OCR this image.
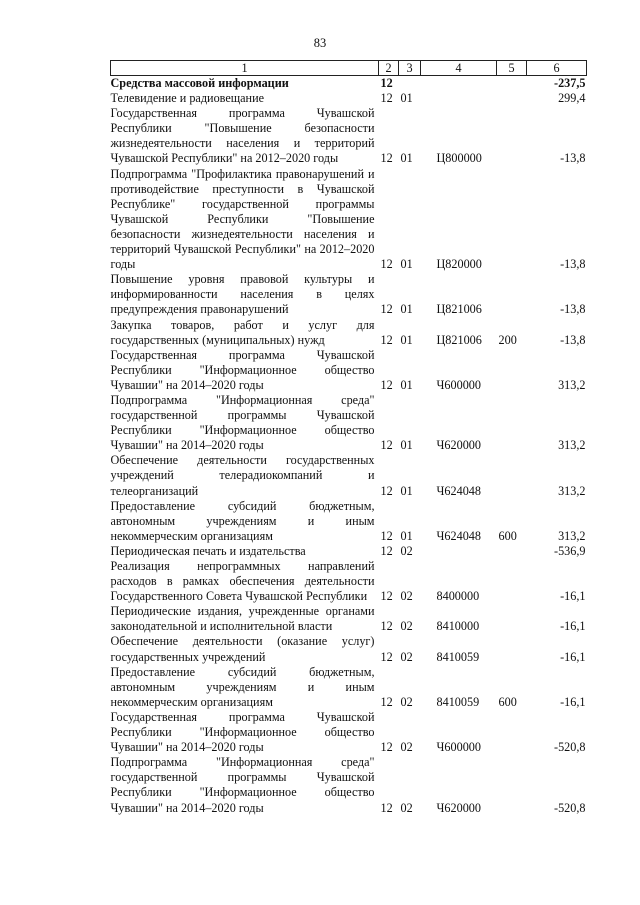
83
1	2	3	4	5	6
Средства массовой информации	12				-237,5
Телевидение и радиовещание	12	01			299,4
Государственная программа Чувашской Республики "Повышение безопасности жизнедеятельности населения и территорий Чувашской Республики" на 2012–2020 годы	12	01	Ц800000		-13,8
Подпрограмма "Профилактика правонарушений и противодействие преступности в Чувашской Республике" государственной программы Чувашской Республики "Повышение безопасности жизнедеятельности населения и территорий Чувашской Республики" на 2012–2020 годы	12	01	Ц820000		-13,8
Повышение уровня правовой культуры и информированности населения в целях предупреждения правонарушений	12	01	Ц821006		-13,8
Закупка товаров, работ и услуг для государственных (муниципальных) нужд	12	01	Ц821006	200	-13,8
Государственная программа Чувашской Республики "Информационное общество Чувашии" на 2014–2020 годы	12	01	Ч600000		313,2
Подпрограмма "Информационная среда" государственной программы Чувашской Республики "Информационное общество Чувашии" на 2014–2020 годы	12	01	Ч620000		313,2
Обеспечение деятельности государственных учреждений телерадиокомпаний и телеорганизаций	12	01	Ч624048		313,2
Предоставление субсидий бюджетным, автономным учреждениям и иным некоммерческим организациям	12	01	Ч624048	600	313,2
Периодическая печать и издательства	12	02			-536,9
Реализация непрограммных направлений расходов в рамках обеспечения деятельности Государственного Совета Чувашской Республики	12	02	8400000		-16,1
Периодические издания, учрежденные органами законодательной и исполнительной власти	12	02	8410000		-16,1
Обеспечение деятельности (оказание услуг) государственных учреждений	12	02	8410059		-16,1
Предоставление субсидий бюджетным, автономным учреждениям и иным некоммерческим организациям	12	02	8410059	600	-16,1
Государственная программа Чувашской Республики "Информационное общество Чувашии" на 2014–2020 годы	12	02	Ч600000		-520,8
Подпрограмма "Информационная среда" государственной программы Чувашской Республики "Информационное общество Чувашии" на 2014–2020 годы	12	02	Ч620000		-520,8
